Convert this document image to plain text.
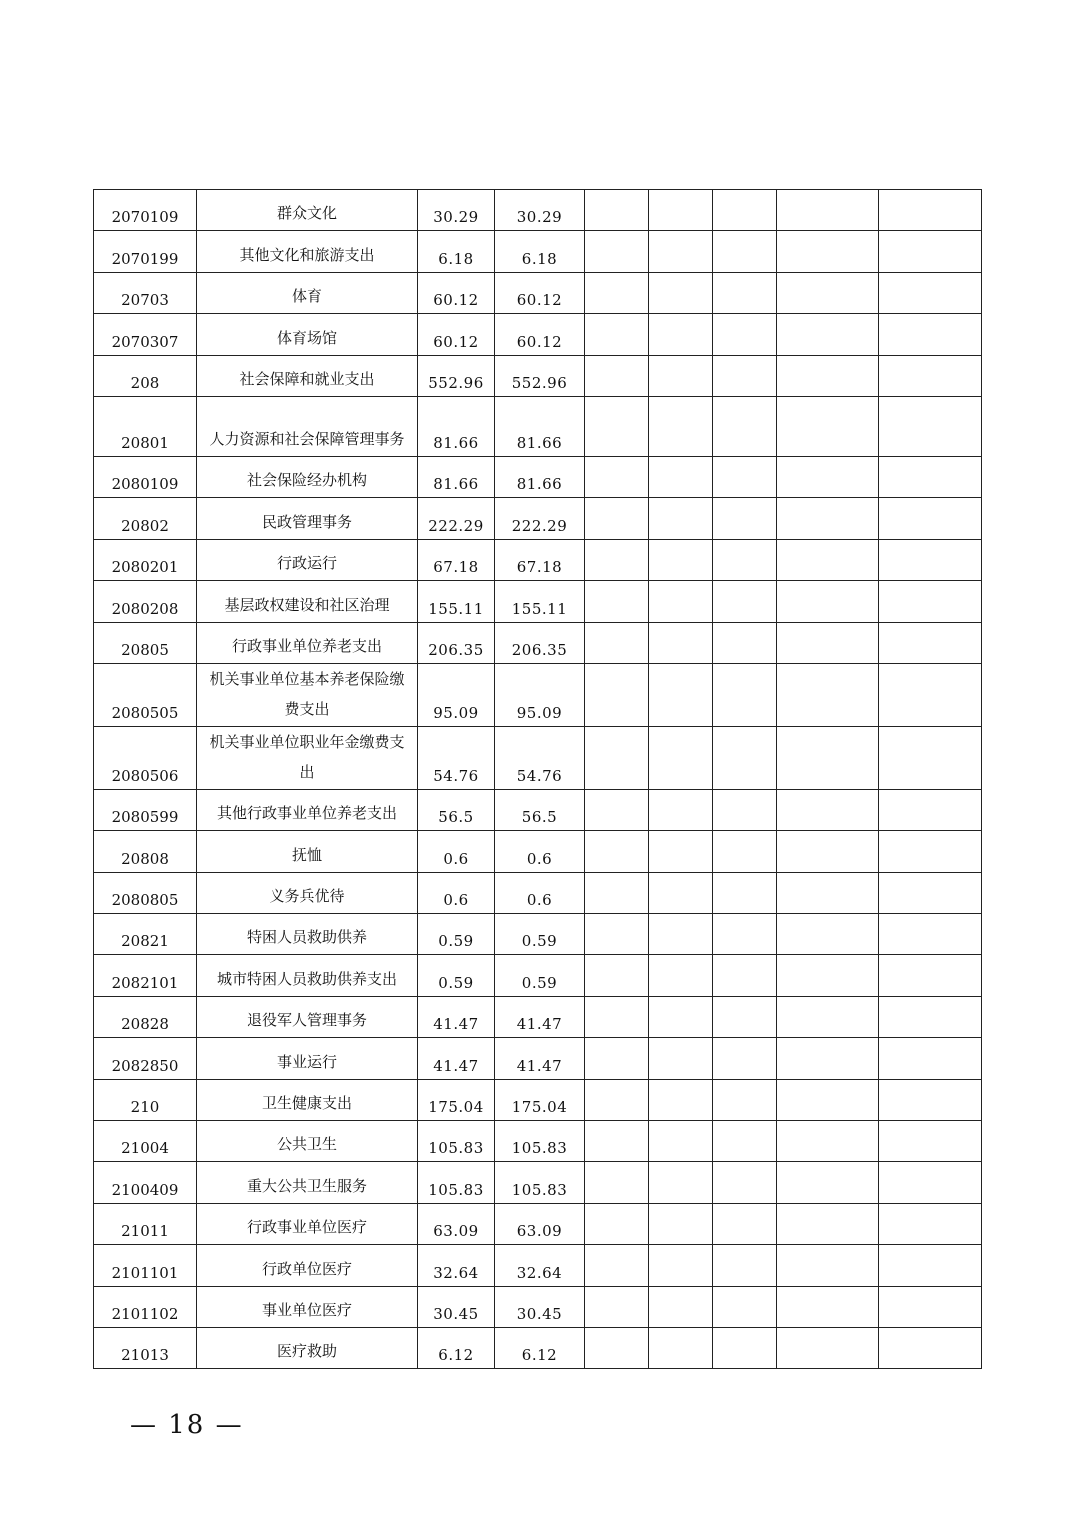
2070109	群众文化	30.29	30.29					
2070199	其他文化和旅游支出	6.18	6.18					
20703	体育	60.12	60.12					
2070307	体育场馆	60.12	60.12					
208	社会保障和就业支出	552.96	552.96					
20801	人力资源和社会保障管理事务	81.66	81.66					
2080109	社会保险经办机构	81.66	81.66					
20802	民政管理事务	222.29	222.29					
2080201	行政运行	67.18	67.18					
2080208	基层政权建设和社区治理	155.11	155.11					
20805	行政事业单位养老支出	206.35	206.35					
2080505	机关事业单位基本养老保险缴费支出	95.09	95.09					
2080506	机关事业单位职业年金缴费支出	54.76	54.76					
2080599	其他行政事业单位养老支出	56.5	56.5					
20808	抚恤	0.6	0.6					
2080805	义务兵优待	0.6	0.6					
20821	特困人员救助供养	0.59	0.59					
2082101	城市特困人员救助供养支出	0.59	0.59					
20828	退役军人管理事务	41.47	41.47					
2082850	事业运行	41.47	41.47					
210	卫生健康支出	175.04	175.04					
21004	公共卫生	105.83	105.83					
2100409	重大公共卫生服务	105.83	105.83					
21011	行政事业单位医疗	63.09	63.09					
2101101	行政单位医疗	32.64	32.64					
2101102	事业单位医疗	30.45	30.45					
21013	医疗救助	6.12	6.12					
— 18 —
